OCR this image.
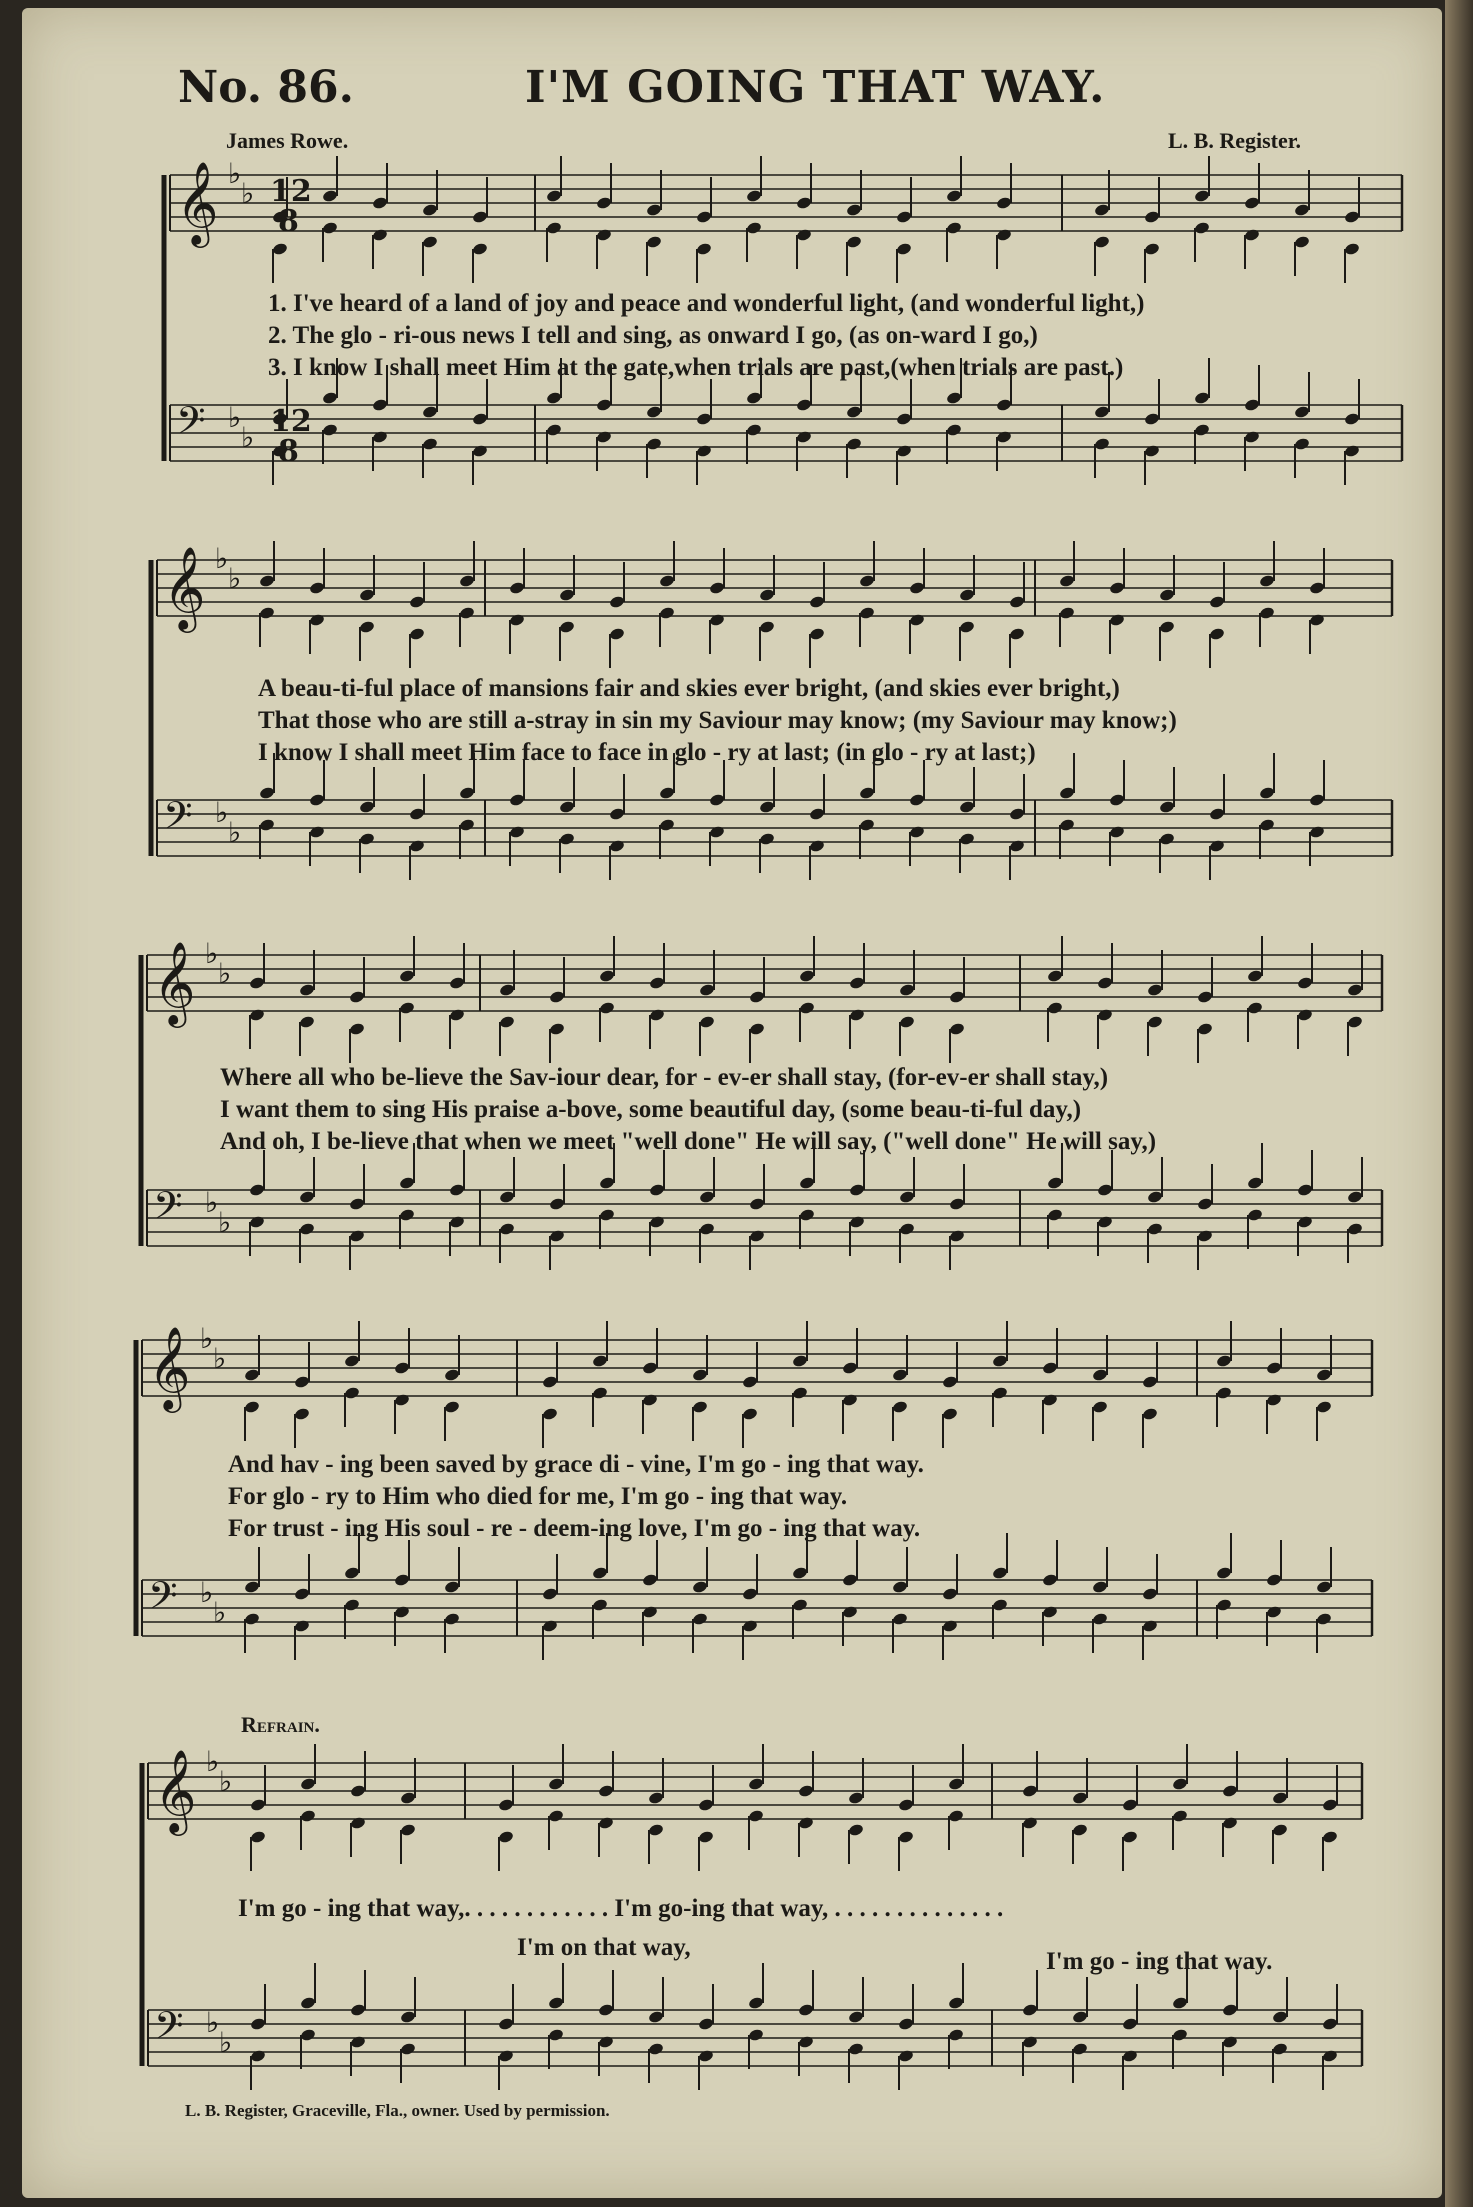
No. 86.	I'M GOING THAT WAY.
James Rowe.	L. B. Register.
𝄞 ♭
♭ 12
8
𝄢 ♭
♭ 12
8
𝄞 ♭
♭
𝄢 ♭
♭
𝄞 ♭
♭
𝄢 ♭
♭
𝄞 ♭
♭
𝄢 ♭
♭
𝄞 ♭
♭
𝄢 ♭
♭
1. I've heard of a land of joy and peace and wonderful light, (and wonderful light,)
2. The glo - ri-ous news I tell and sing, as onward I go, (as on-ward I go,)
3. I know I shall meet Him at the gate,when trials are past,(when trials are past.)
A beau-ti-ful place of mansions fair and skies ever bright, (and skies ever bright,)
That those who are still a-stray in sin my Saviour may know; (my Saviour may know;)
I know I shall meet Him face to face in glo - ry at last; (in glo - ry at last;)
Where all who be-lieve the Sav-iour dear, for - ev-er shall stay, (for-ev-er shall stay,)
I want them to sing His praise a-bove, some beautiful day, (some beau-ti-ful day,)
And oh, I be-lieve that when we meet "well done" He will say, ("well done" He will say,)
And hav - ing been saved by grace di - vine, I'm go - ing that way.
For glo - ry to Him who died for me, I'm go - ing that way.
For trust - ing His soul - re - deem-ing love, I'm go - ing that way.
Refrain.
I'm go - ing that way,. . . . . . . . . . . . I'm go-ing that way, . . . . . . . . . . . . . .
I'm on that way,
I'm go - ing that way.
L. B. Register, Graceville, Fla., owner. Used by permission.
